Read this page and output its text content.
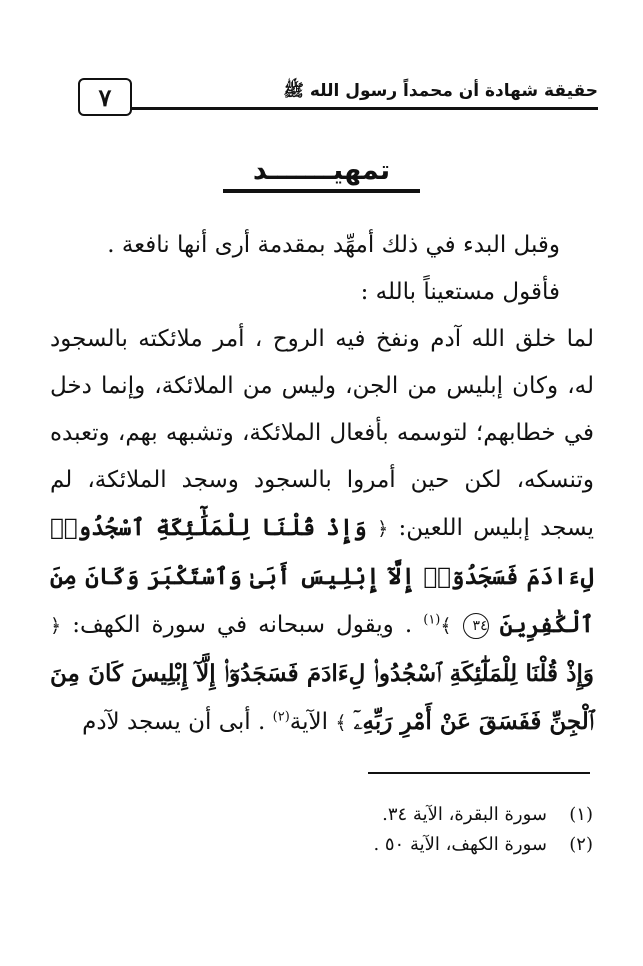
٧	حقيقة شهادة أن محمداً رسول الله ﷺ
تمهيـــــــد

وقبل البدء في ذلك أمهِّد بمقدمة أرى أنها نافعة .

فأقول مستعيناً بالله :

لما خلق الله آدم ونفخ فيه الروح ، أمر ملائكته بالسجود له، وكان إبليس من الجن، وليس من الملائكة، وإنما دخل في خطابهم؛ لتوسمه بأفعال الملائكة، وتشبهه بهم، وتعبده وتنسكه، لكن حين أمروا بالسجود وسجد الملائكة، لم يسجد إبليس اللعين: ﴿ وَإِذْ قُلْنَا لِلْمَلَٰٓئِكَةِ ٱسْجُدُوا۟ لِءَادَمَ فَسَجَدُوٓا۟ إِلَّآ إِبْلِيسَ أَبَىٰ وَٱسْتَكْبَرَ وَكَانَ مِنَ ٱلْكَٰفِرِينَ ٣٤ ﴾$^{(١)}$ . ويقول سبحانه في سورة الكهف: ﴿ وَإِذْ قُلْنَا لِلْمَلَٰٓئِكَةِ ٱسْجُدُوا۟ لِءَادَمَ فَسَجَدُوٓا۟ إِلَّآ إِبْلِيسَ كَانَ مِنَ ٱلْجِنِّ فَفَسَقَ عَنْ أَمْرِ رَبِّهِۦٓ ﴾ الآية$^{(٢)}$ . أبى أن يسجد لآدم

(١)
سورة البقرة، الآية ٣٤.
(٢)
سورة الكهف، الآية ٥٠ .
